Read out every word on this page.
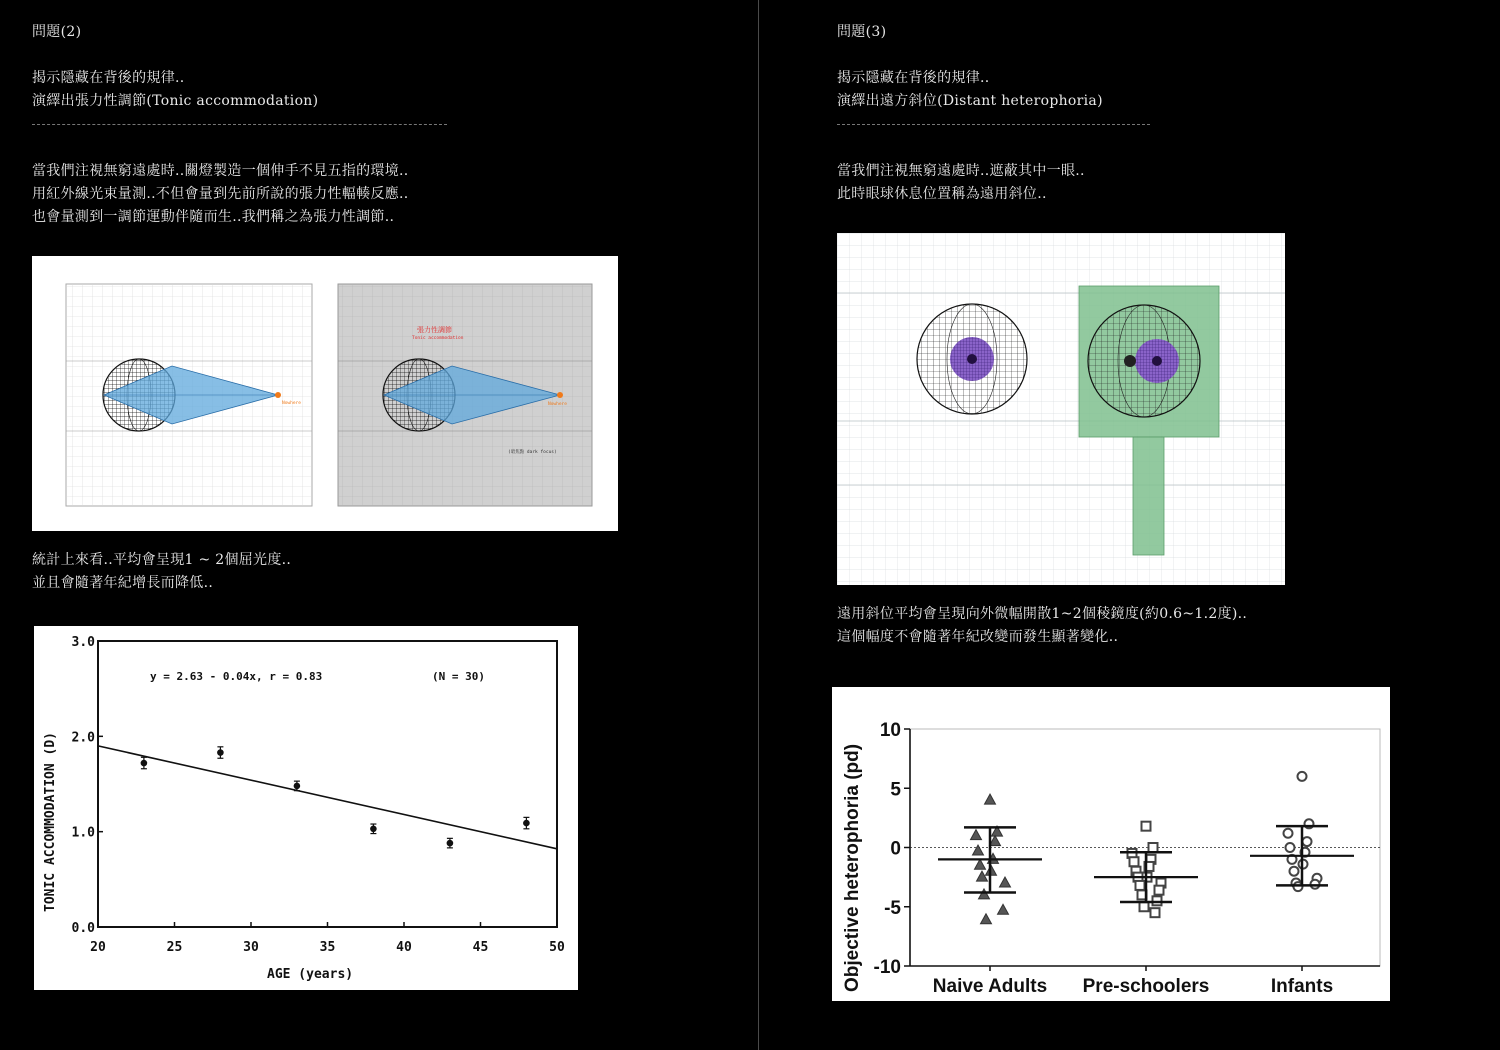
問題(2)
揭示隱藏在背後的規律..
演繹出張力性調節(Tonic accommodation)
當我們注視無窮遠處時..關燈製造一個伸手不見五指的環境..
用紅外線光束量測..不但會量到先前所說的張力性輻輳反應..
也會量測到一調節運動伴隨而生..我們稱之為張力性調節..
Nowhere
張力性調節
Tonic accommodation
Nowhere
(暗焦點 dark focus)
統計上來看..平均會呈現1 ~ 2個屈光度..
並且會隨著年紀增長而降低..
y = 2.63 - 0.04x, r = 0.83	(N = 30)
AGE (years)
TONIC ACCOMMODATION (D)
20	25	30	35	40	45	50
3.0
2.0
1.0
0.0
問題(3)
揭示隱藏在背後的規律..
演繹出遠方斜位(Distant heterophoria)
當我們注視無窮遠處時..遮蔽其中一眼..
此時眼球休息位置稱為遠用斜位..
遠用斜位平均會呈現向外微幅開散1~2個稜鏡度(約0.6~1.2度)..
這個幅度不會隨著年紀改變而發生顯著變化..
Objective heterophoria (pd)
10
5
0
-5
-10
Naive Adults Pre-schoolers	Infants
